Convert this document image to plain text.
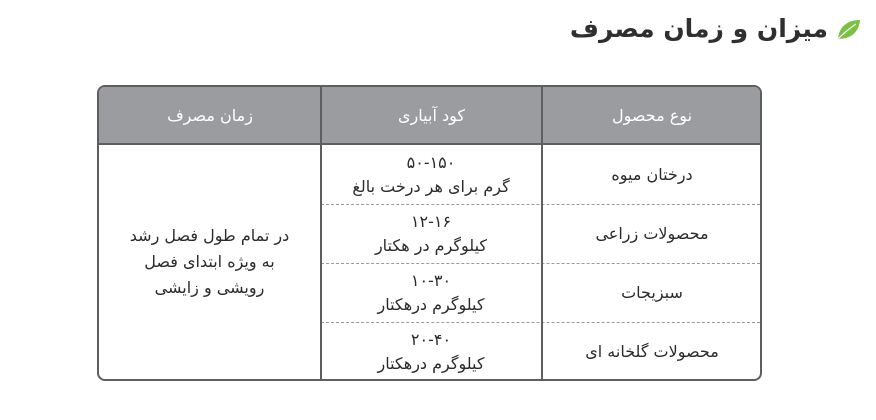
میزان و زمان مصرف
نوع محصول
کود آبیاری
زمان مصرف
درختان میوه
۵۰-۱۵۰
گرم برای هر درخت بالغ
محصولات زراعی
۱۲-۱۶
کیلوگرم در هکتار
سبزیجات
۱۰-۳۰
کیلوگرم درهکتار
محصولات گلخانه ای
۲۰-۴۰
کیلوگرم درهکتار
در تمام طول فصل رشد
به ویژه ابتدای فصل
رویشی و زایشی
